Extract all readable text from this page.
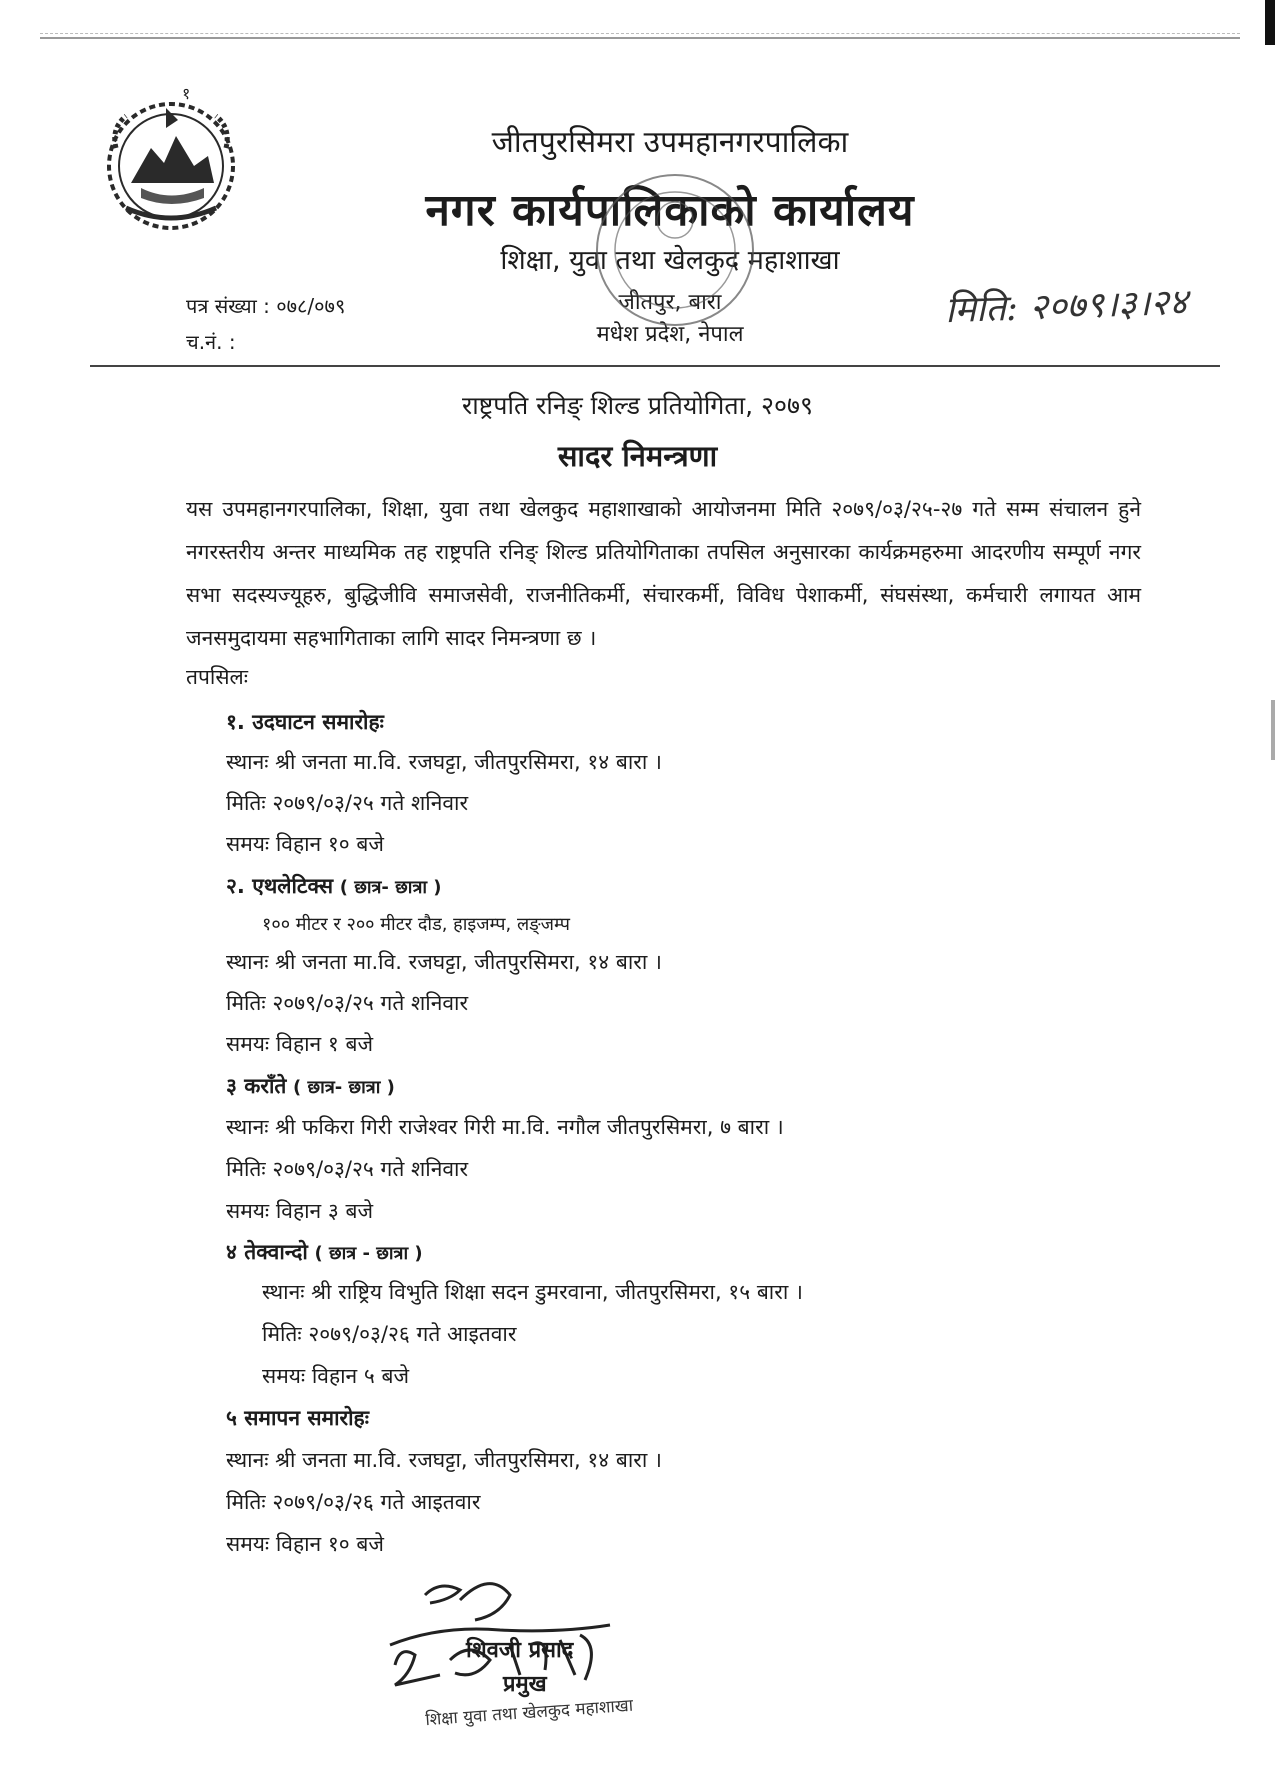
१
जीतपुरसिमरा उपमहानगरपालिका
नगर कार्यपालिकाको कार्यालय
शिक्षा, युवा तथा खेलकुद महाशाखा
जीतपुर, बारा
मधेश प्रदेश, नेपाल
पत्र संख्या : ०७८/०७९
च.नं. :
मिति: २०७९।३।२४
राष्ट्रपति रनिङ् शिल्ड प्रतियोगिता, २०७९
सादर निमन्त्रणा
यस उपमहानगरपालिका, शिक्षा, युवा तथा खेलकुद महाशाखाको आयोजनमा मिति २०७९/०३/२५-२७ गते सम्म संचालन हुने नगरस्तरीय अन्तर माध्यमिक तह राष्ट्रपति रनिङ् शिल्ड प्रतियोगिताका तपसिल अनुसारका कार्यक्रमहरुमा आदरणीय सम्पूर्ण नगर सभा सदस्यज्यूहरु, बुद्धिजीवि समाजसेवी, राजनीतिकर्मी, संचारकर्मी, विविध पेशाकर्मी, संघसंस्था, कर्मचारी लगायत आम जनसमुदायमा सहभागिताका लागि सादर निमन्त्रणा छ ।
तपसिलः
१. उदघाटन समारोहः
स्थानः श्री जनता मा.वि. रजघट्टा, जीतपुरसिमरा, १४ बारा ।
मितिः २०७९/०३/२५ गते शनिवार
समयः विहान १० बजे
२. एथलेटिक्स ( छात्र- छात्रा )
१०० मीटर र २०० मीटर दौड, हाइजम्प, लङ्जम्प
स्थानः श्री जनता मा.वि. रजघट्टा, जीतपुरसिमरा, १४ बारा ।
मितिः २०७९/०३/२५ गते शनिवार
समयः विहान १ बजे
३ कराँते ( छात्र- छात्रा )
स्थानः श्री फकिरा गिरी राजेश्वर गिरी मा.वि. नगौल जीतपुरसिमरा, ७ बारा ।
मितिः २०७९/०३/२५ गते शनिवार
समयः विहान ३ बजे
४ तेक्वान्दो ( छात्र - छात्रा )
स्थानः श्री राष्ट्रिय विभुति शिक्षा सदन डुमरवाना, जीतपुरसिमरा, १५ बारा ।
मितिः २०७९/०३/२६ गते आइतवार
समयः विहान ५ बजे
५ समापन समारोहः
स्थानः श्री जनता मा.वि. रजघट्टा, जीतपुरसिमरा, १४ बारा ।
मितिः २०७९/०३/२६ गते आइतवार
समयः विहान १० बजे
शिवजी प्रसाद
प्रमुख
शिक्षा युवा तथा खेलकुद महाशाखा
